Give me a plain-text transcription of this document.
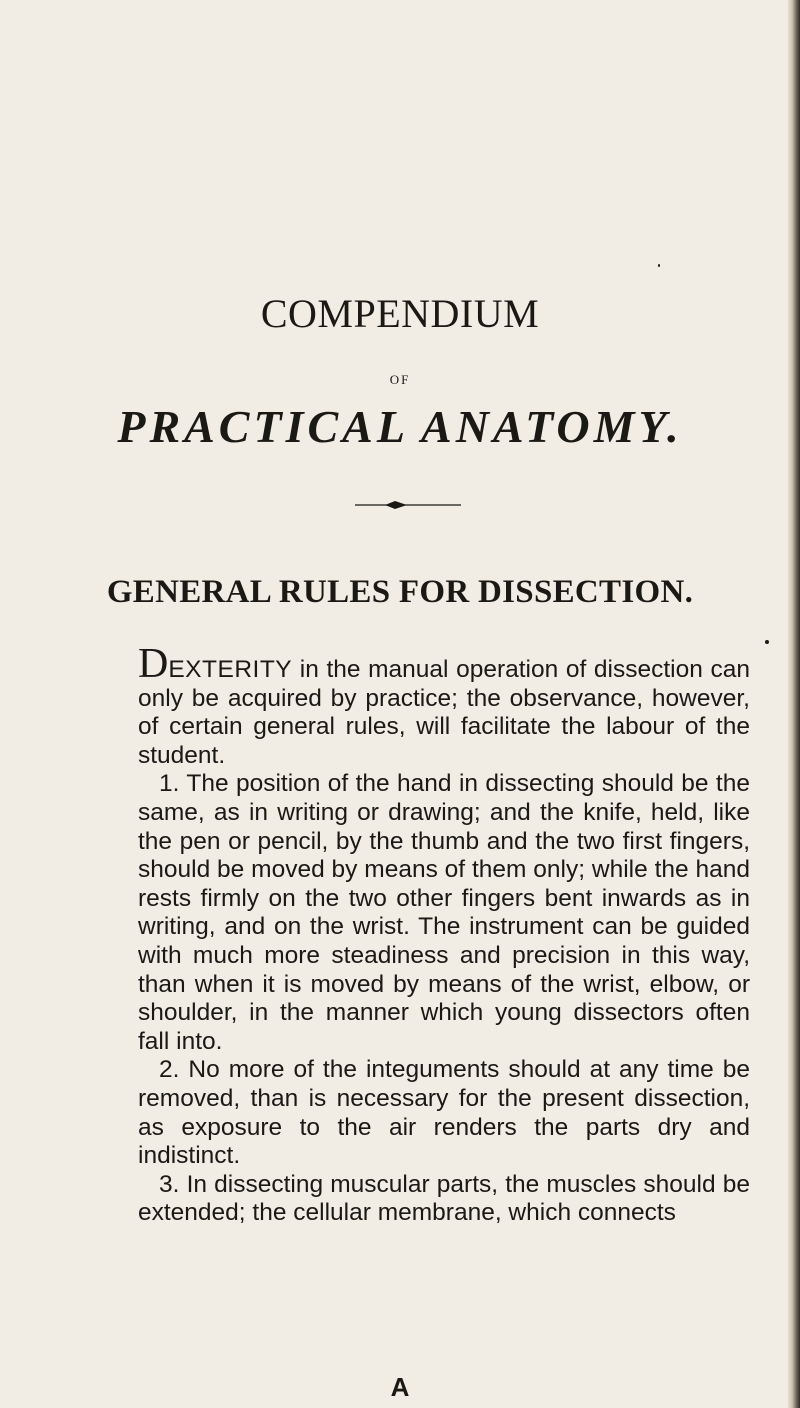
COMPENDIUM
OF
PRACTICAL ANATOMY.
GENERAL RULES FOR DISSECTION.

DEXTERITY in the manual operation of dissection can only be acquired by practice; the observance, however, of certain general rules, will facilitate the labour of the student.

1. The position of the hand in dissecting should be the same, as in writing or drawing; and the knife, held, like the pen or pencil, by the thumb and the two first fingers, should be moved by means of them only; while the hand rests firmly on the two other fingers bent inwards as in writing, and on the wrist. The instrument can be guided with much more steadiness and precision in this way, than when it is moved by means of the wrist, elbow, or shoulder, in the manner which young dissectors often fall into.

2. No more of the integuments should at any time be removed, than is necessary for the present dissection, as exposure to the air renders the parts dry and indistinct.

3. In dissecting muscular parts, the muscles should be extended; the cellular membrane, which connects

A
